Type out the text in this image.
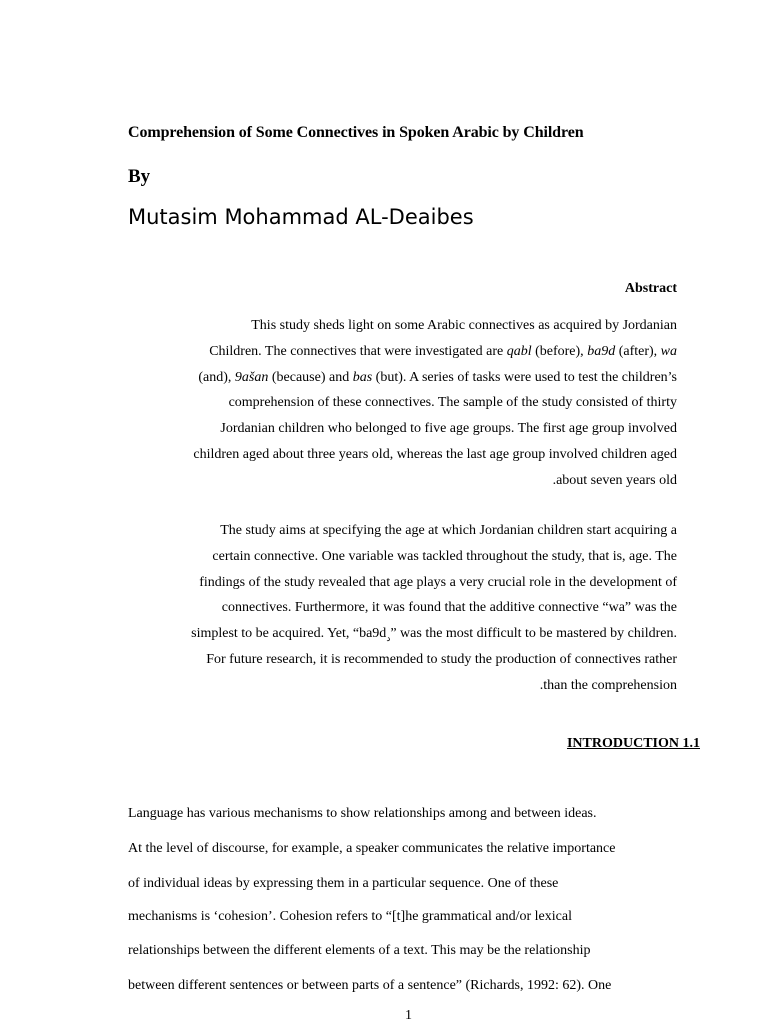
Comprehension of Some Connectives in Spoken Arabic by Children
By
Mutasim Mohammad AL-Deaibes
Abstract
This study sheds light on some Arabic connectives as acquired by Jordanian
Children. The connectives that were investigated are qabl (before), ba9d (after), wa
(and), 9ašan (because) and bas (but). A series of tasks were used to test the children’s
comprehension of these connectives. The sample of the study consisted of thirty
Jordanian children who belonged to five age groups. The first age group involved
children aged about three years old, whereas the last age group involved children aged
.about seven years old
The study aims at specifying the age at which Jordanian children start acquiring a
certain connective. One variable was tackled throughout the study, that is, age. The
findings of the study revealed that age plays a very crucial role in the development of
connectives. Furthermore, it was found that the additive connective “wa” was the
simplest to be acquired. Yet, “$ba9d_د$” was the most difficult to be mastered by children.
For future research, it is recommended to study the production of connectives rather
.than the comprehension
INTRODUCTION 1.1
Language has various mechanisms to show relationships among and between ideas.
At the level of discourse, for example, a speaker communicates the relative importance
of individual ideas by expressing them in a particular sequence. One of these
mechanisms is ‘cohesion’. Cohesion refers to “[t]he grammatical and/or lexical
relationships between the different elements of a text. This may be the relationship
between different sentences or between parts of a sentence” (Richards, 1992: 62). One
1
